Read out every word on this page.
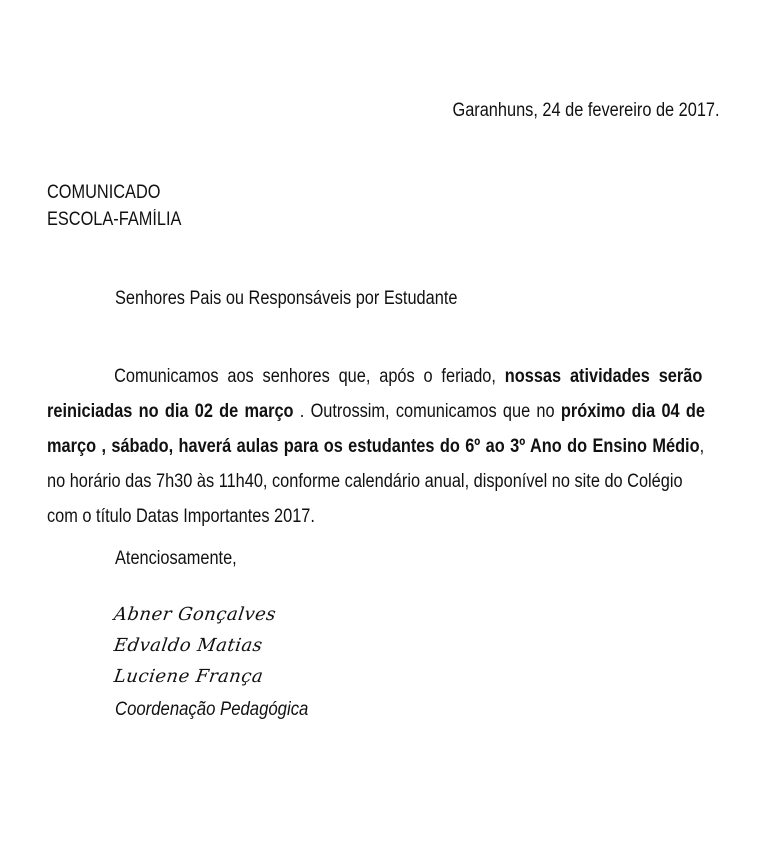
Garanhuns, 24 de fevereiro de 2017.
COMUNICADO
ESCOLA-FAMÍLIA
Senhores Pais ou Responsáveis por Estudante
Comunicamos aos senhores que, após o feriado, nossas atividades serão
reiniciadas no dia 02 de março . Outrossim, comunicamos que no próximo dia 04 de
março , sábado, haverá aulas para os estudantes do 6º ao 3º Ano do Ensino Médio,
no horário das 7h30 às 11h40, conforme calendário anual, disponível no site do Colégio
com o título Datas Importantes 2017.
Atenciosamente,
Abner Gonçalves
Edvaldo Matias
Luciene França
Coordenação Pedagógica
